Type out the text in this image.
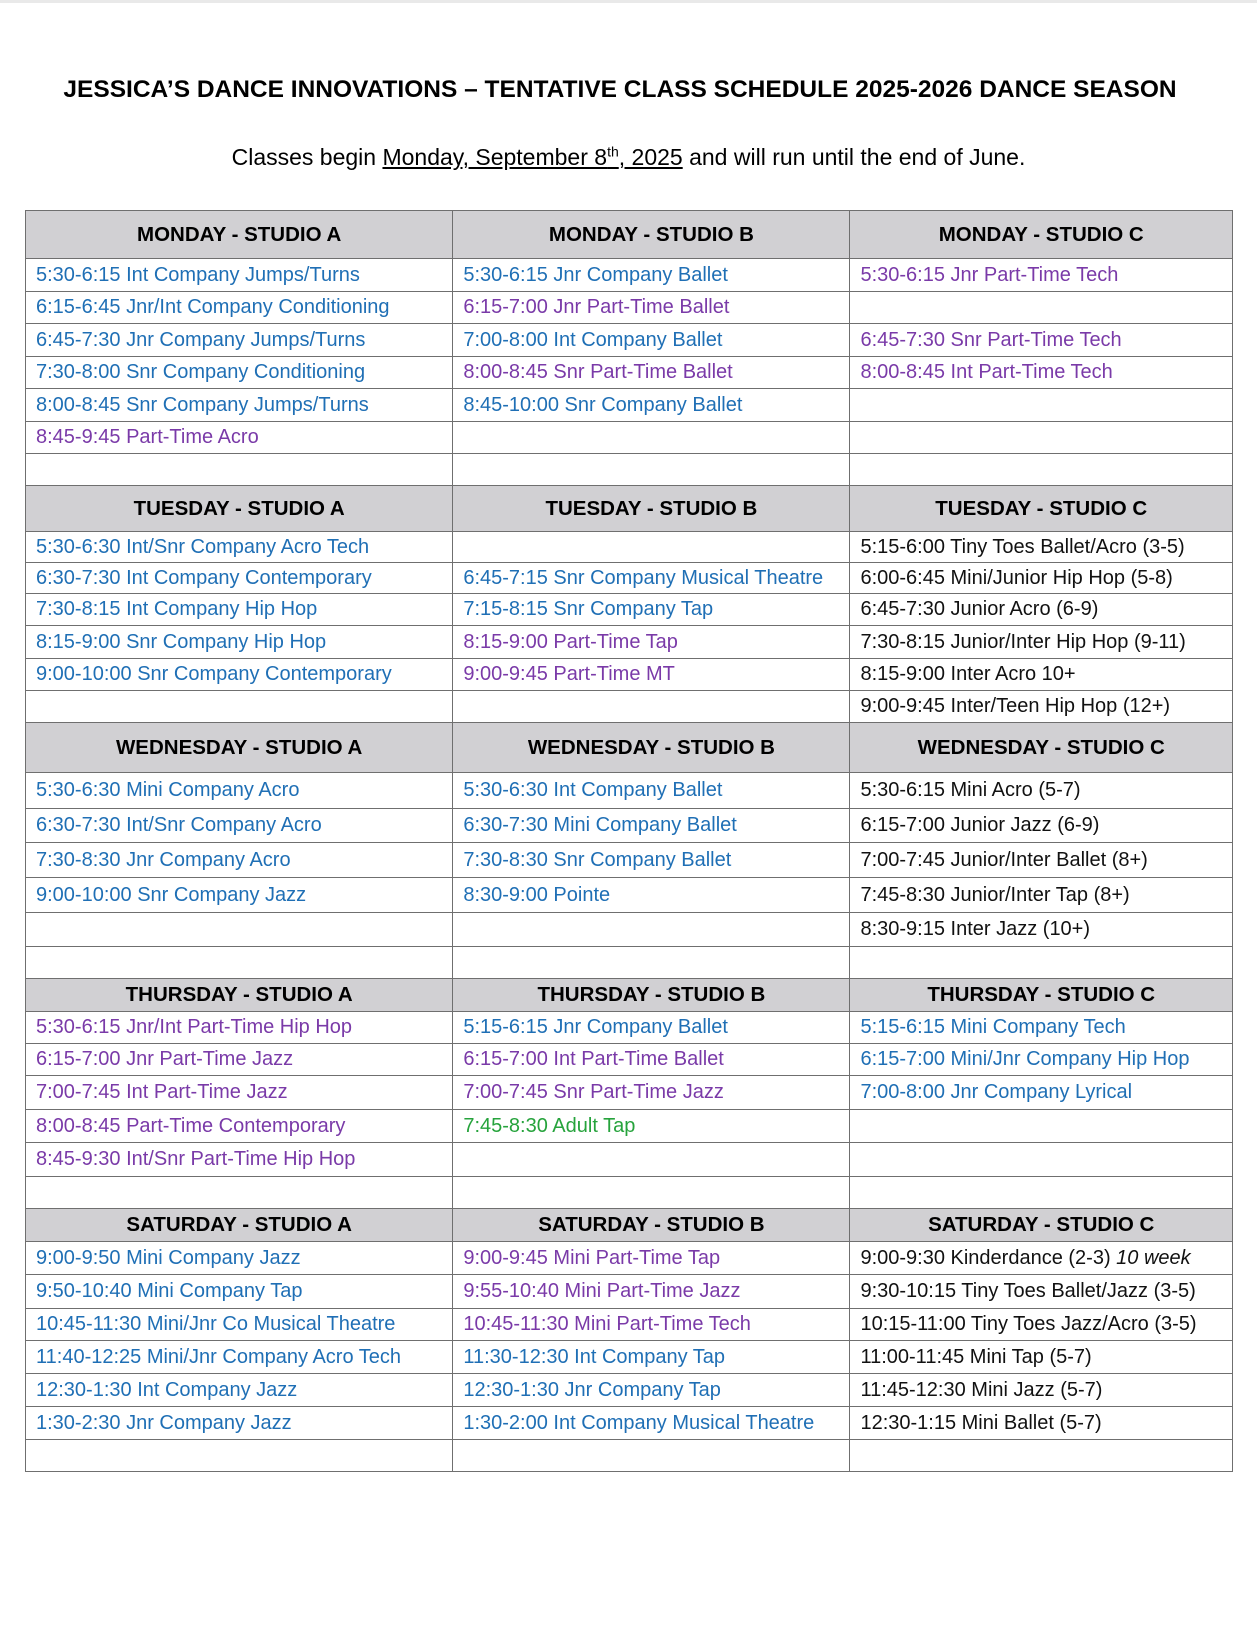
JESSICA’S DANCE INNOVATIONS – TENTATIVE CLASS SCHEDULE 2025-2026 DANCE SEASON
Classes begin Monday, September 8th, 2025 and will run until the end of June.
MONDAY - STUDIO A	MONDAY - STUDIO B	MONDAY - STUDIO C
5:30-6:15 Int Company Jumps/Turns	5:30-6:15 Jnr Company Ballet	5:30-6:15 Jnr Part-Time Tech
6:15-6:45 Jnr/Int Company Conditioning	6:15-7:00 Jnr Part-Time Ballet	
6:45-7:30 Jnr Company Jumps/Turns	7:00-8:00 Int Company Ballet	6:45-7:30 Snr Part-Time Tech
7:30-8:00 Snr Company Conditioning	8:00-8:45 Snr Part-Time Ballet	8:00-8:45 Int Part-Time Tech
8:00-8:45 Snr Company Jumps/Turns	8:45-10:00 Snr Company Ballet	
8:45-9:45 Part-Time Acro		

TUESDAY - STUDIO A	TUESDAY - STUDIO B	TUESDAY - STUDIO C
5:30-6:30 Int/Snr Company Acro Tech		5:15-6:00 Tiny Toes Ballet/Acro (3-5)
6:30-7:30 Int Company Contemporary	6:45-7:15 Snr Company Musical Theatre	6:00-6:45 Mini/Junior Hip Hop (5-8)
7:30-8:15 Int Company Hip Hop	7:15-8:15 Snr Company Tap	6:45-7:30 Junior Acro (6-9)
8:15-9:00 Snr Company Hip Hop	8:15-9:00 Part-Time Tap	7:30-8:15 Junior/Inter Hip Hop (9-11)
9:00-10:00 Snr Company Contemporary	9:00-9:45 Part-Time MT	8:15-9:00 Inter Acro 10+
		9:00-9:45 Inter/Teen Hip Hop (12+)
WEDNESDAY - STUDIO A	WEDNESDAY - STUDIO B	WEDNESDAY - STUDIO C
5:30-6:30 Mini Company Acro	5:30-6:30 Int Company Ballet	5:30-6:15 Mini Acro (5-7)
6:30-7:30 Int/Snr Company Acro	6:30-7:30 Mini Company Ballet	6:15-7:00 Junior Jazz (6-9)
7:30-8:30 Jnr Company Acro	7:30-8:30 Snr Company Ballet	7:00-7:45 Junior/Inter Ballet (8+)
9:00-10:00 Snr Company Jazz	8:30-9:00 Pointe	7:45-8:30 Junior/Inter Tap (8+)
		8:30-9:15 Inter Jazz (10+)

THURSDAY - STUDIO A	THURSDAY - STUDIO B	THURSDAY - STUDIO C
5:30-6:15 Jnr/Int Part-Time Hip Hop	5:15-6:15 Jnr Company Ballet	5:15-6:15 Mini Company Tech
6:15-7:00 Jnr Part-Time Jazz	6:15-7:00 Int Part-Time Ballet	6:15-7:00 Mini/Jnr Company Hip Hop
7:00-7:45 Int Part-Time Jazz	7:00-7:45 Snr Part-Time Jazz	7:00-8:00 Jnr Company Lyrical
8:00-8:45 Part-Time Contemporary	7:45-8:30 Adult Tap	
8:45-9:30 Int/Snr Part-Time Hip Hop		

SATURDAY - STUDIO A	SATURDAY - STUDIO B	SATURDAY - STUDIO C
9:00-9:50 Mini Company Jazz	9:00-9:45 Mini Part-Time Tap	9:00-9:30 Kinderdance (2-3) 10 week
9:50-10:40 Mini Company Tap	9:55-10:40 Mini Part-Time Jazz	9:30-10:15 Tiny Toes Ballet/Jazz (3-5)
10:45-11:30 Mini/Jnr Co Musical Theatre	10:45-11:30 Mini Part-Time Tech	10:15-11:00 Tiny Toes Jazz/Acro (3-5)
11:40-12:25 Mini/Jnr Company Acro Tech	11:30-12:30 Int Company Tap	11:00-11:45 Mini Tap (5-7)
12:30-1:30 Int Company Jazz	12:30-1:30 Jnr Company Tap	11:45-12:30 Mini Jazz (5-7)
1:30-2:30 Jnr Company Jazz	1:30-2:00 Int Company Musical Theatre	12:30-1:15 Mini Ballet (5-7)
